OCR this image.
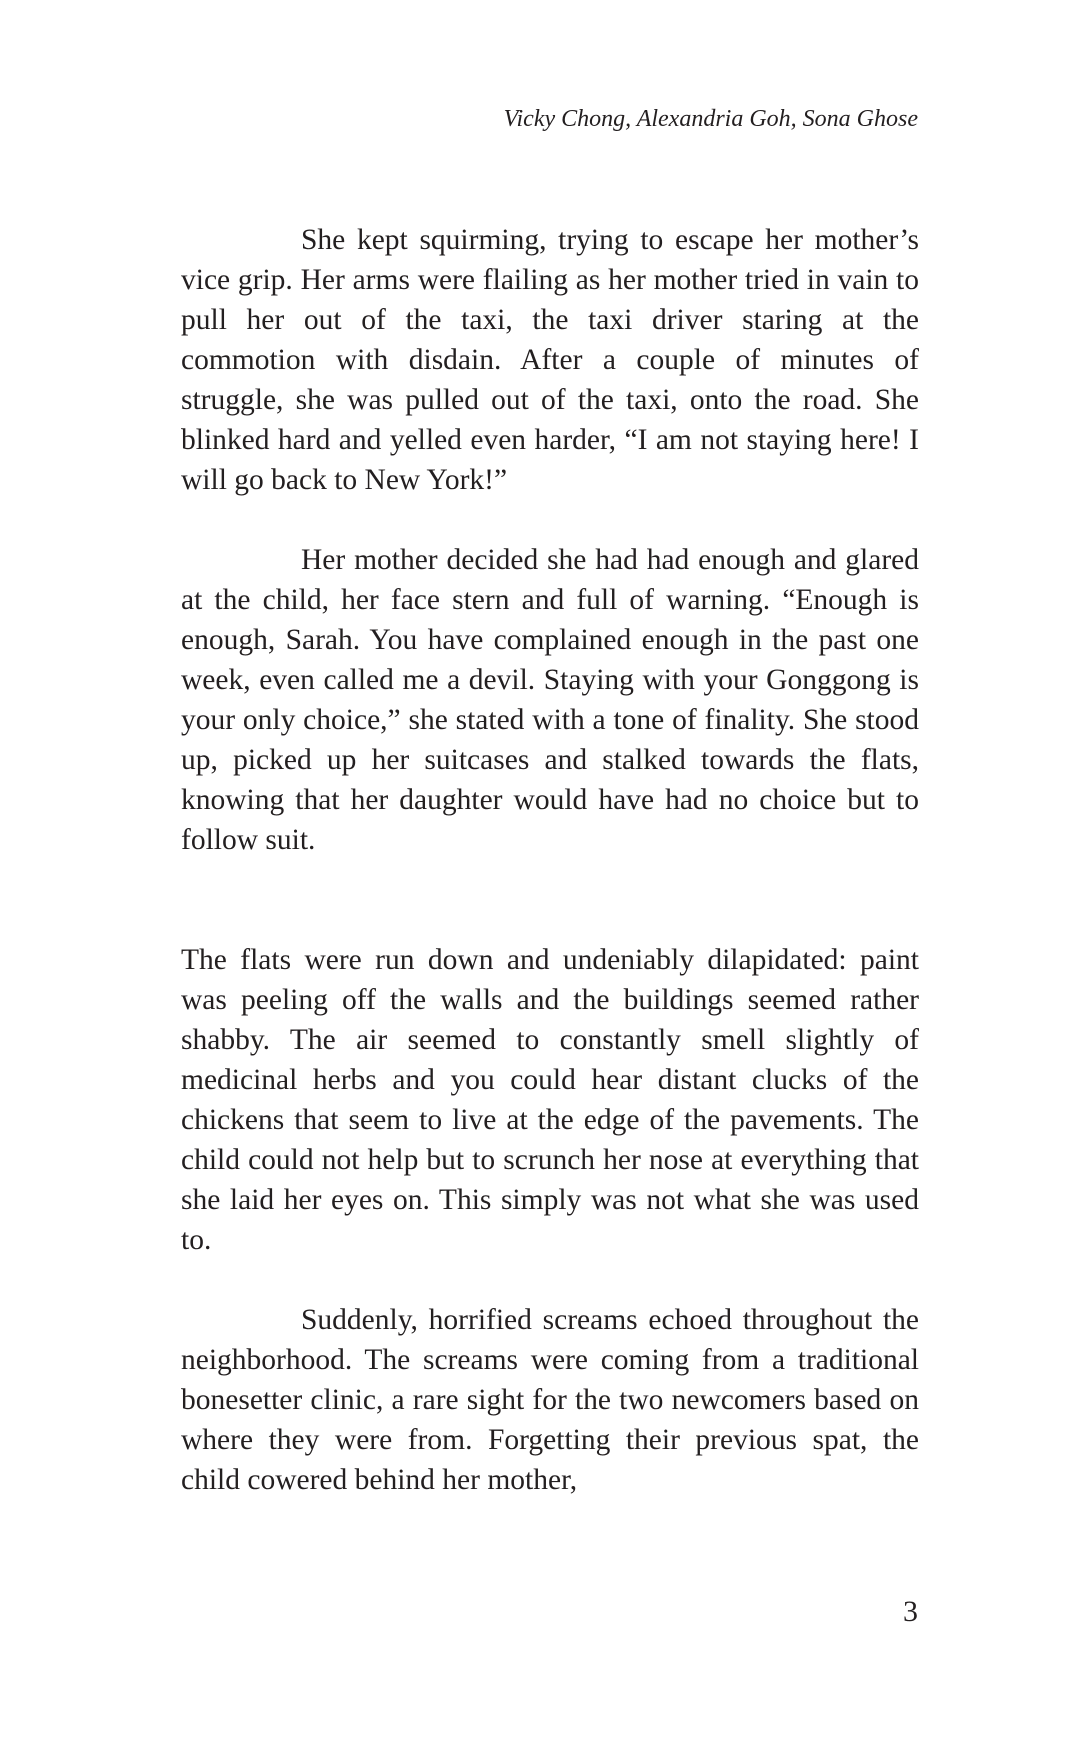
Vicky Chong, Alexandria Goh, Sona Ghose

She kept squirming, trying to escape her mother’s vice grip. Her arms were flailing as her mother tried in vain to pull her out of the taxi, the taxi driver staring at the commotion with disdain. After a couple of minutes of struggle, she was pulled out of the taxi, onto the road. She blinked hard and yelled even harder, “I am not staying here! I will go back to New York!”

Her mother decided she had had enough and glared at the child, her face stern and full of warning. “Enough is enough, Sarah. You have complained enough in the past one week, even called me a devil. Staying with your Gonggong is your only choice,” she stated with a tone of finality. She stood up, picked up her suitcases and stalked towards the flats, knowing that her daughter would have had no choice but to follow suit.

The flats were run down and undeniably dilapidated: paint was peeling off the walls and the buildings seemed rather shabby. The air seemed to constantly smell slightly of medicinal herbs and you could hear distant clucks of the chickens that seem to live at the edge of the pavements. The child could not help but to scrunch her nose at everything that she laid her eyes on. This simply was not what she was used to.

Suddenly, horrified screams echoed throughout the neighborhood. The screams were coming from a traditional bonesetter clinic, a rare sight for the two newcomers based on where they were from. Forgetting their previous spat, the child cowered behind her mother,

3
